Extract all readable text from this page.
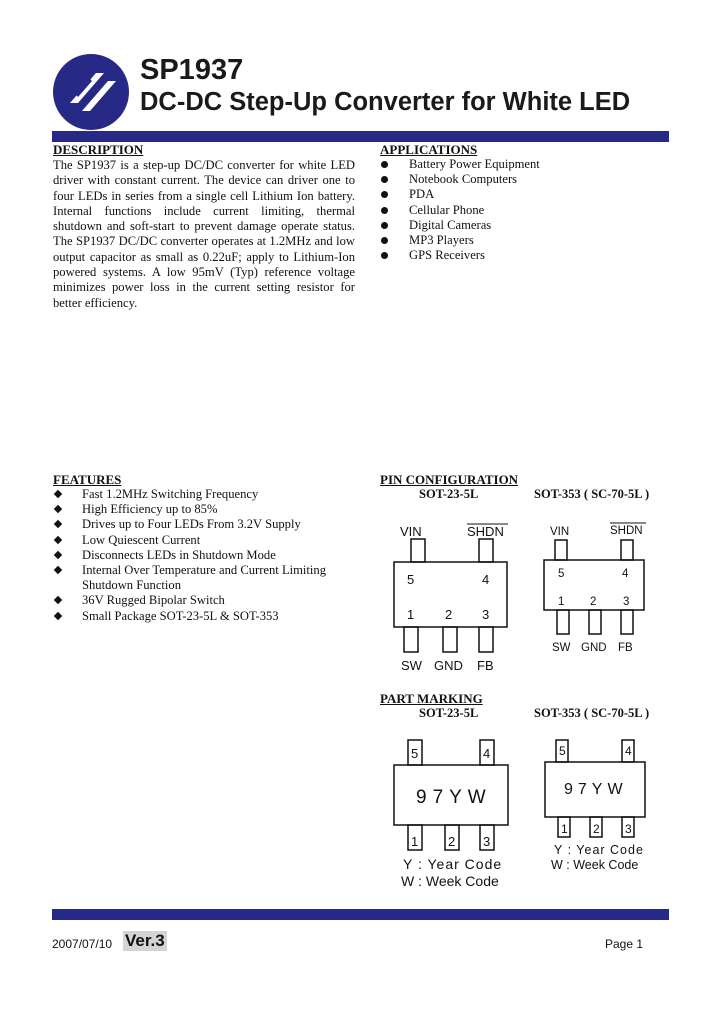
SP1937
DC-DC Step-Up Converter for White LED
DESCRIPTION
The SP1937 is a step-up DC/DC converter for white LED driver with constant current. The device can driver one to four LEDs in series from a single cell Lithium Ion battery. Internal functions include current limiting, thermal shutdown and soft-start to prevent damage operate status. The SP1937 DC/DC converter operates at 1.2MHz and low output capacitor as small as 0.22uF; apply to Lithium-Ion powered systems. A low 95mV (Typ) reference voltage minimizes power loss in the current setting resistor for better efficiency.
APPLICATIONS
Battery Power Equipment
Notebook Computers
PDA
Cellular Phone
Digital Cameras
MP3 Players
GPS Receivers
FEATURES
Fast 1.2MHz Switching Frequency
High Efficiency up to 85%
Drives up to Four LEDs From 3.2V Supply
Low Quiescent Current
Disconnects LEDs in Shutdown Mode
Internal Over Temperature and Current Limiting Shutdown Function
36V Rugged Bipolar Switch
Small Package SOT-23-5L & SOT-353
PIN CONFIGURATION
SOT-23-5L	SOT-353 ( SC-70-5L )
VIN	SHDN
5	4
1 2 3
SW GND FB
VIN	SHDN
5	4
1 2 3
SW GND FB
PART MARKING
SOT-23-5L	SOT-353 ( SC-70-5L )
5	4
1 2 3
97YW
Y : Year Code
W : Week Code
5	4
1 2 3
97YW
Y : Year Code
W : Week Code
2007/07/10 Ver.3	Page 1
